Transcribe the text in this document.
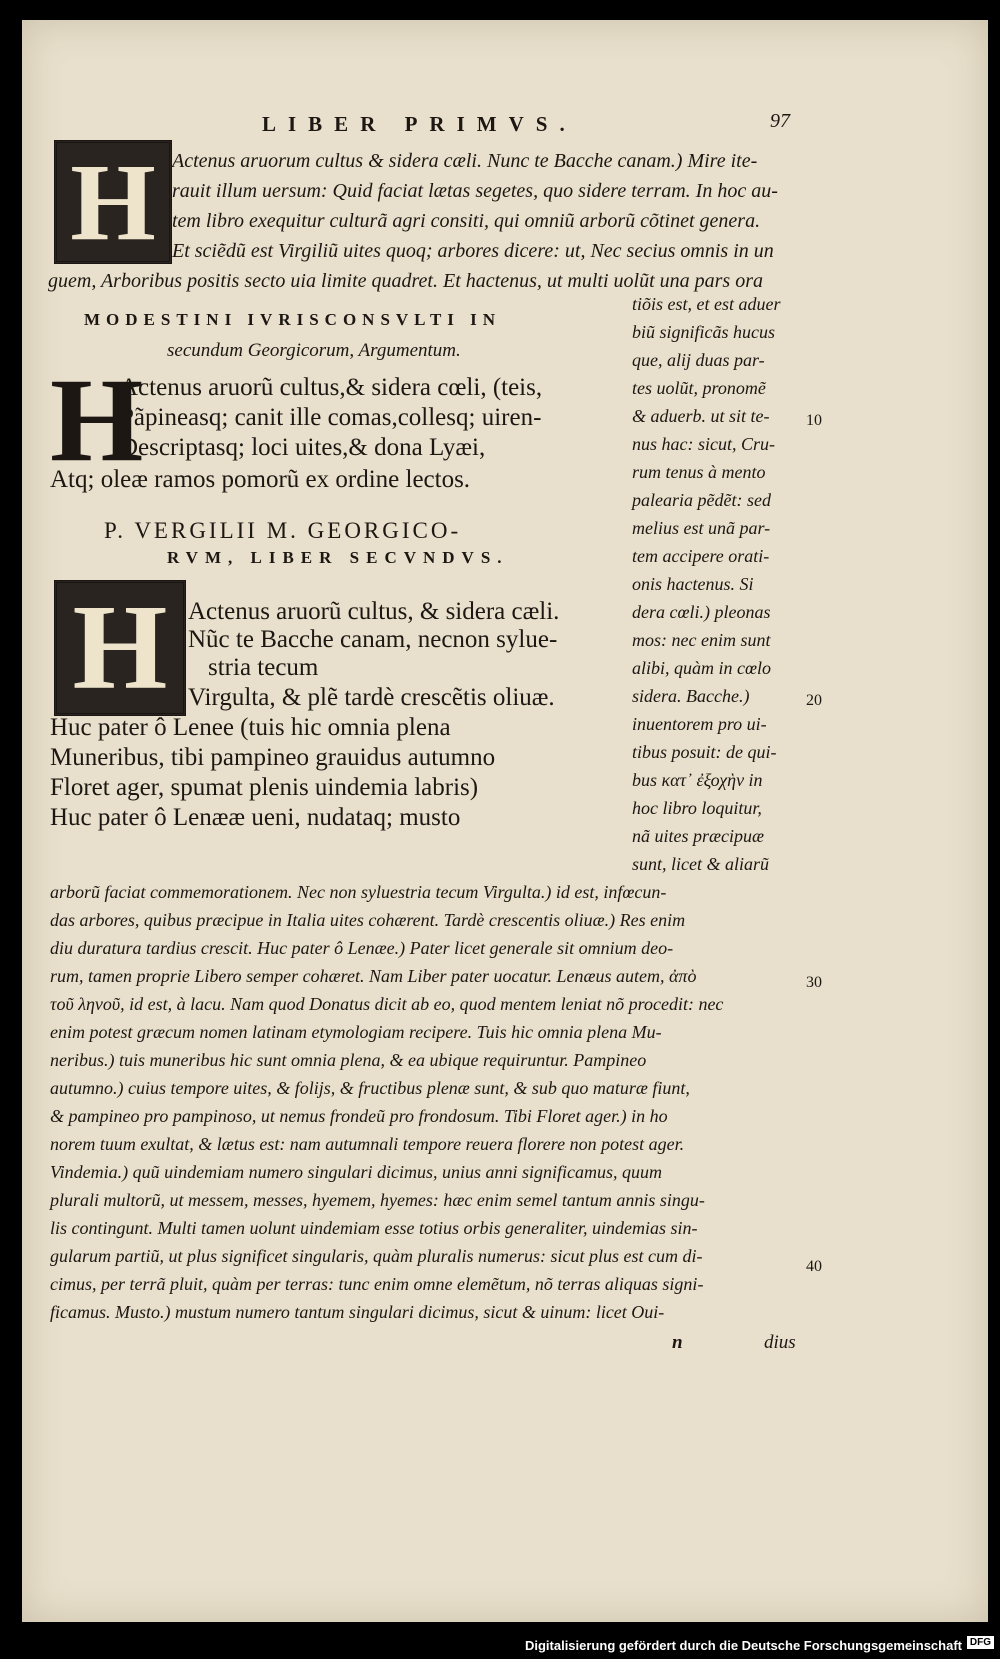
LIBER PRIMVS.	97
H Actenus aruorum cultus & sidera cæli. Nunc te Bacche canam.) Mire ite-
rauit illum uersum: Quid faciat lætas segetes, quo sidere terram. In hoc au-
tem libro exequitur culturã agri consiti, qui omniũ arborũ cõtinet genera.
Et sciẽdũ est Virgiliũ uites quoq; arbores dicere: ut, Nec secius omnis in un
guem, Arboribus positis secto uia limite quadret. Et hactenus, ut multi uolũt una pars ora
MODESTINI IVRISCONSVLTI IN
secundum Georgicorum, Argumentum.
H
Actenus aruorũ cultus,& sidera cœli, (teis,
Pãpineasq; canit ille comas,collesq; uiren-
Descriptasq; loci uites,& dona Lyæi,
Atq; oleæ ramos pomorũ ex ordine lectos.
P. VERGILII M. GEORGICO-
RVM, LIBER SECVNDVS.
H Actenus aruorũ cultus, & sidera cæli.
Nũc te Bacche canam, necnon sylue-
stria tecum
Virgulta, & plẽ tardè crescẽtis oliuæ.
Huc pater ô Lenee (tuis hic omnia plena
Muneribus, tibi pampineo grauidus autumno
Floret ager, spumat plenis uindemia labris)
Huc pater ô Lenææ ueni, nudataq; musto
tiõis est, et est aduer
biũ significãs hucus
que, alij duas par-
tes uolũt, pronomẽ
& aduerb. ut sit te-
nus hac: sicut, Cru-
rum tenus à mento
palearia pẽdẽt: sed
melius est unã par-
tem accipere orati-
onis hactenus. Si
dera cœli.) pleonas
mos: nec enim sunt
alibi, quàm in cœlo
sidera. Bacche.)
inuentorem pro ui-
tibus posuit: de qui-
bus κατ᾽ ἐξοχὴν in
hoc libro loquitur,
nã uites præcipuæ
sunt, licet & aliarũ
arborũ faciat commemorationem. Nec non syluestria tecum Virgulta.) id est, infœcun-
das arbores, quibus præcipue in Italia uites cohærent. Tardè crescentis oliuæ.) Res enim
diu duratura tardius crescit. Huc pater ô Lenæe.) Pater licet generale sit omnium deo-
rum, tamen proprie Libero semper cohæret. Nam Liber pater uocatur. Lenæus autem, ἀπὸ
τοῦ ληνοῦ, id est, à lacu. Nam quod Donatus dicit ab eo, quod mentem leniat nõ procedit: nec
enim potest græcum nomen latinam etymologiam recipere. Tuis hic omnia plena Mu-
neribus.) tuis muneribus hic sunt omnia plena, & ea ubique requiruntur. Pampineo
autumno.) cuius tempore uites, & folijs, & fructibus plenæ sunt, & sub quo maturæ fiunt,
& pampineo pro pampinoso, ut nemus frondeũ pro frondosum. Tibi Floret ager.) in ho
norem tuum exultat, & lætus est: nam autumnali tempore reuera florere non potest ager.
Vindemia.) quũ uindemiam numero singulari dicimus, unius anni significamus, quum
plurali multorũ, ut messem, messes, hyemem, hyemes: hæc enim semel tantum annis singu-
lis contingunt. Multi tamen uolunt uindemiam esse totius orbis generaliter, uindemias sin-
gularum partiũ, ut plus significet singularis, quàm pluralis numerus: sicut plus est cum di-
cimus, per terrã pluit, quàm per terras: tunc enim omne elemẽtum, nõ terras aliquas signi-
ficamus. Musto.) mustum numero tantum singulari dicimus, sicut & uinum: licet Oui-
n	dius
10
20
30
40
Digitalisierung gefördert durch die Deutsche Forschungsgemeinschaft DFG
